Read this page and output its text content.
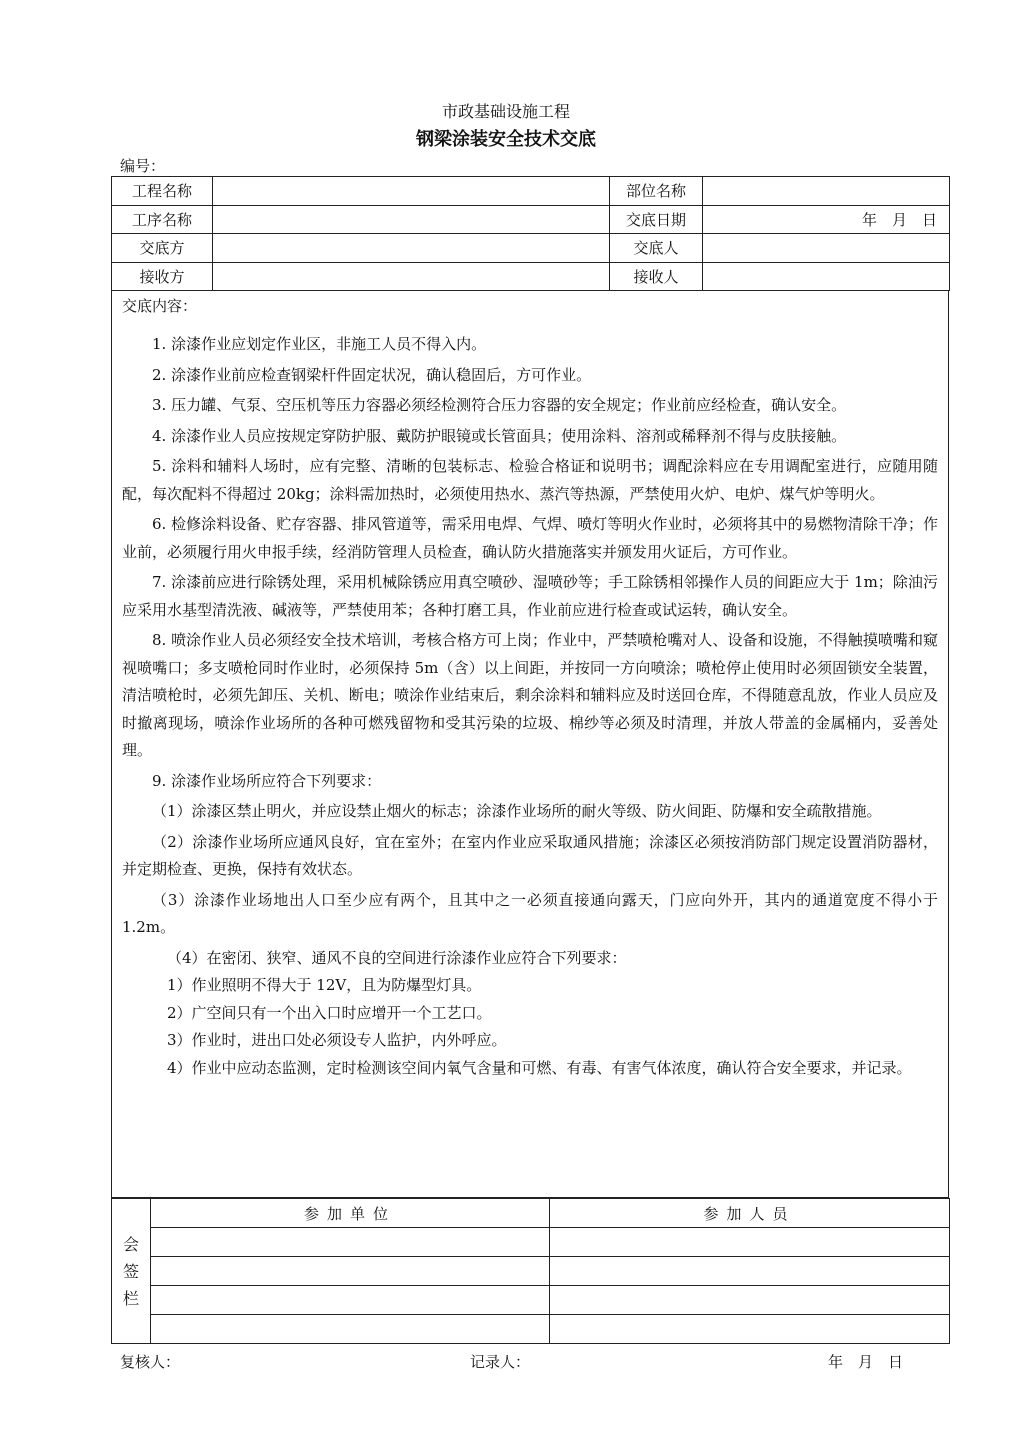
市政基础设施工程
钢梁涂装安全技术交底
编号：
工程名称		部位名称	
工序名称		交底日期	年　月　日
交底方		交底人	
接收方		接收人	
交底内容：

1. 涂漆作业应划定作业区，非施工人员不得入内。

2. 涂漆作业前应检查钢梁杆件固定状况，确认稳固后，方可作业。

3. 压力罐、气泵、空压机等压力容器必须经检测符合压力容器的安全规定；作业前应经检查，确认安全。

4. 涂漆作业人员应按规定穿防护服、戴防护眼镜或长管面具；使用涂料、溶剂或稀释剂不得与皮肤接触。

5. 涂料和辅料人场时，应有完整、清晰的包装标志、检验合格证和说明书；调配涂料应在专用调配室进行，应随用随配，每次配料不得超过 20kg；涂料需加热时，必须使用热水、蒸汽等热源，严禁使用火炉、电炉、煤气炉等明火。

6. 检修涂料设备、贮存容器、排风管道等，需采用电焊、气焊、喷灯等明火作业时，必须将其中的易燃物清除干净；作业前，必须履行用火申报手续，经消防管理人员检查，确认防火措施落实并颁发用火证后，方可作业。

7. 涂漆前应进行除锈处理，采用机械除锈应用真空喷砂、湿喷砂等；手工除锈相邻操作人员的间距应大于 1m；除油污应采用水基型清洗液、碱液等，严禁使用苯；各种打磨工具，作业前应进行检查或试运转，确认安全。

8. 喷涂作业人员必须经安全技术培训，考核合格方可上岗；作业中，严禁喷枪嘴对人、设备和设施，不得触摸喷嘴和窥视喷嘴口；多支喷枪同时作业时，必须保持 5m（含）以上间距，并按同一方向喷涂；喷枪停止使用时必须固锁安全装置，清洁喷枪时，必须先卸压、关机、断电；喷涂作业结束后，剩余涂料和辅料应及时送回仓库，不得随意乱放，作业人员应及时撤离现场，喷涂作业场所的各种可燃残留物和受其污染的垃圾、棉纱等必须及时清理，并放人带盖的金属桶内，妥善处理。

9. 涂漆作业场所应符合下列要求：

（1）涂漆区禁止明火，并应设禁止烟火的标志；涂漆作业场所的耐火等级、防火间距、防爆和安全疏散措施。

（2）涂漆作业场所应通风良好，宜在室外；在室内作业应采取通风措施；涂漆区必须按消防部门规定设置消防器材，并定期检查、更换，保持有效状态。

（3）涂漆作业场地出人口至少应有两个，且其中之一必须直接通向露天，门应向外开，其内的通道宽度不得小于 1.2m。

（4）在密闭、狭窄、通风不良的空间进行涂漆作业应符合下列要求：

1）作业照明不得大于 12V，且为防爆型灯具。

2）广空间只有一个出入口时应增开一个工艺口。

3）作业时，进出口处必须设专人监护，内外呼应。

4）作业中应动态监测，定时检测该空间内氧气含量和可燃、有毒、有害气体浓度，确认符合安全要求，并记录。

会
签
栏	参加单位	参加人员

复核人：	记录人：	年　月　日
